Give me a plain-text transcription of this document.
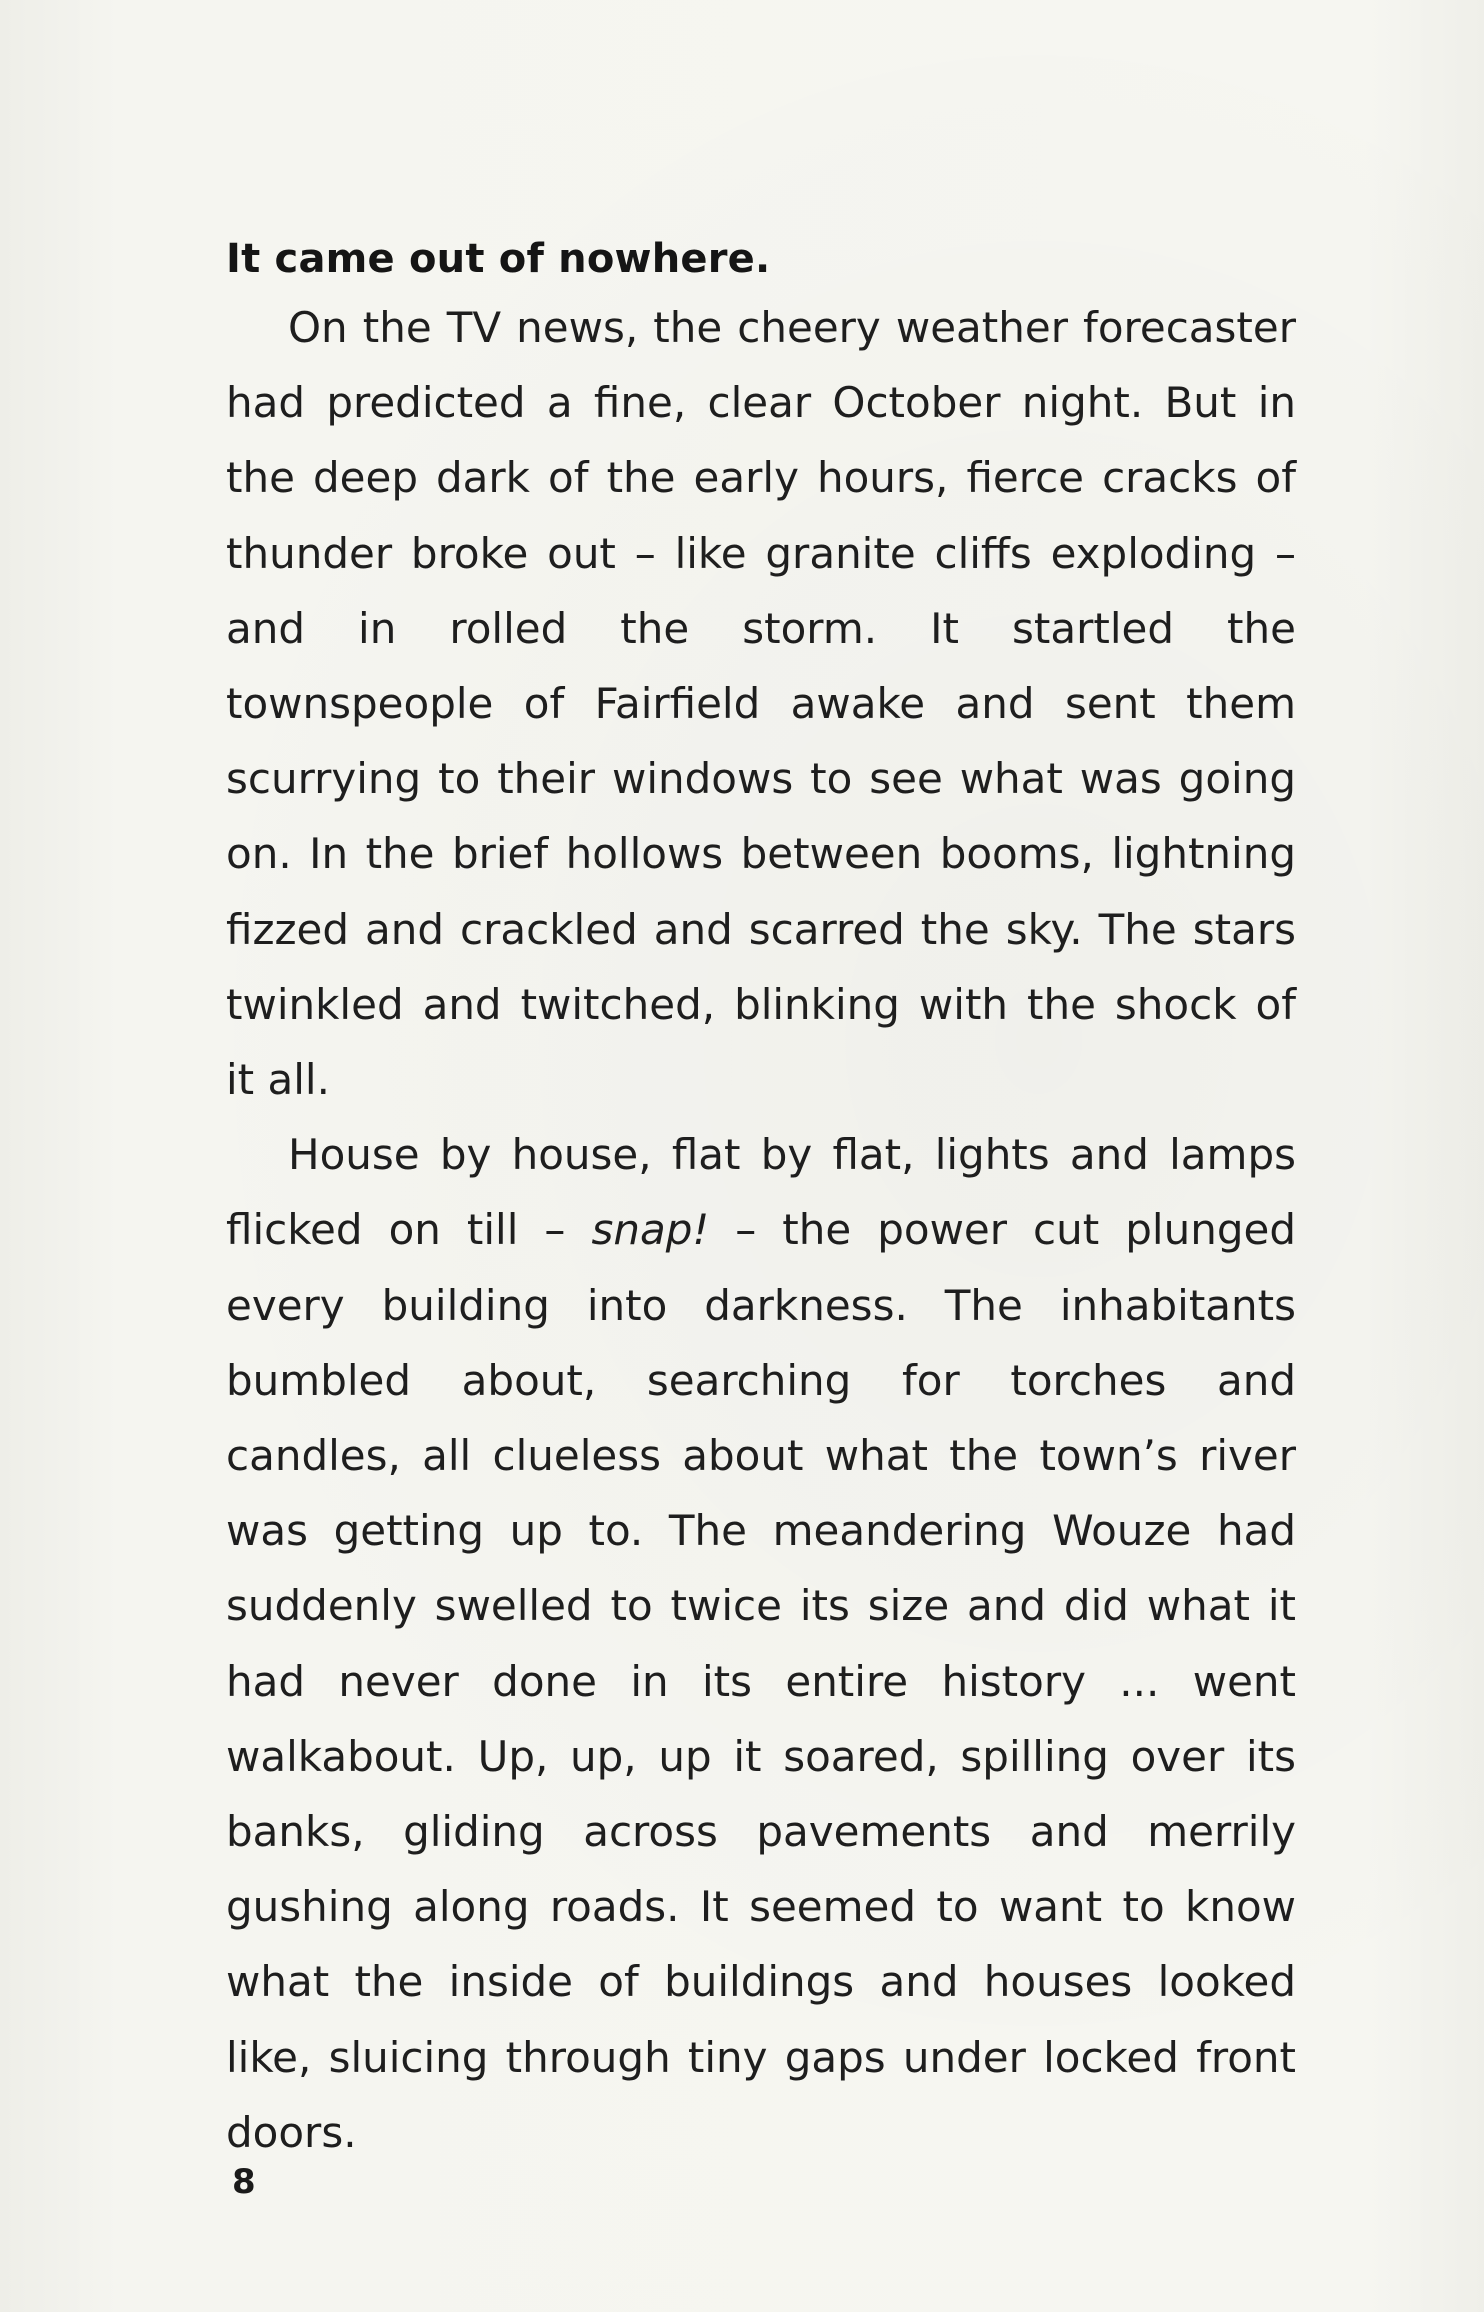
It came out of nowhere.

On the TV news, the cheery weather forecaster had predicted a fine, clear October night. But in the deep dark of the early hours, fierce cracks of thunder broke out – like granite cliffs exploding – and in rolled the storm. It startled the townspeople of Fairfield awake and sent them scurrying to their windows to see what was going on. In the brief hollows between booms, lightning fizzed and crackled and scarred the sky. The stars twinkled and twitched, blinking with the shock of it all.

House by house, flat by flat, lights and lamps flicked on till – snap! – the power cut plunged every building into darkness. The inhabitants bumbled about, searching for torches and candles, all clueless about what the town’s river was getting up to. The meandering Wouze had suddenly swelled to twice its size and did what it had never done in its entire history ... went walkabout. Up, up, up it soared, spilling over its banks, gliding across pavements and merrily gushing along roads. It seemed to want to know what the inside of buildings and houses looked like, sluicing through tiny gaps under locked front doors.

8
